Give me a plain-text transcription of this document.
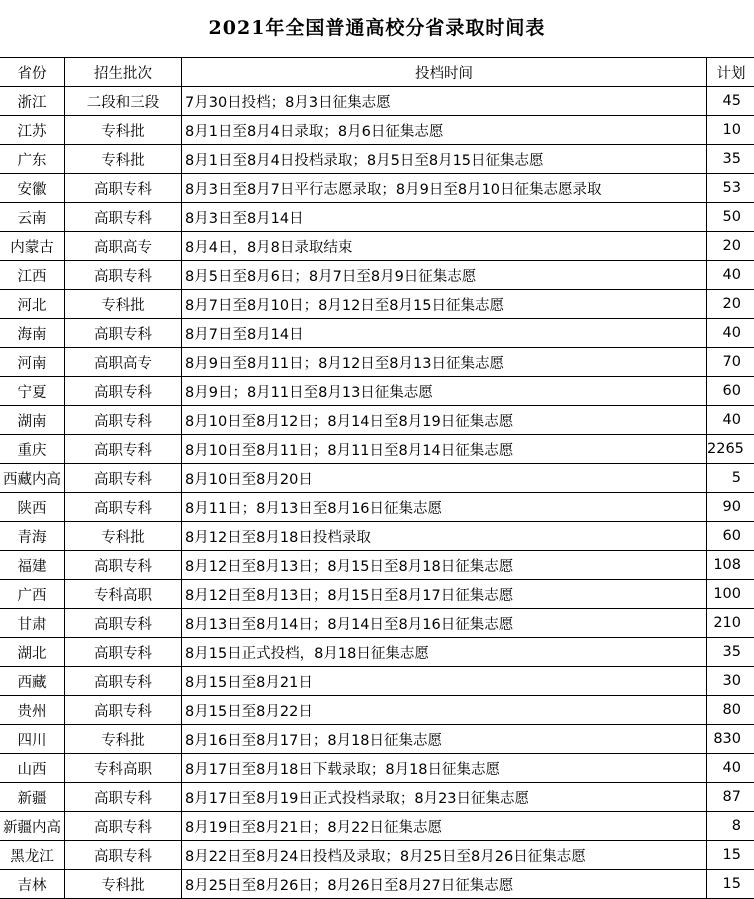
2021年全国普通高校分省录取时间表
省份	招生批次	投档时间	计划
浙江	二段和三段	7月30日投档；8月3日征集志愿	45
江苏	专科批	8月1日至8月4日录取；8月6日征集志愿	10
广东	专科批	8月1日至8月4日投档录取；8月5日至8月15日征集志愿	35
安徽	高职专科	8月3日至8月7日平行志愿录取；8月9日至8月10日征集志愿录取	53
云南	高职专科	8月3日至8月14日	50
内蒙古	高职高专	8月4日，8月8日录取结束	20
江西	高职专科	8月5日至8月6日；8月7日至8月9日征集志愿	40
河北	专科批	8月7日至8月10日；8月12日至8月15日征集志愿	20
海南	高职专科	8月7日至8月14日	40
河南	高职高专	8月9日至8月11日；8月12日至8月13日征集志愿	70
宁夏	高职专科	8月9日；8月11日至8月13日征集志愿	60
湖南	高职专科	8月10日至8月12日；8月14日至8月19日征集志愿	40
重庆	高职专科	8月10日至8月11日；8月11日至8月14日征集志愿	2265
西藏内高	高职专科	8月10日至8月20日	5
陕西	高职专科	8月11日；8月13日至8月16日征集志愿	90
青海	专科批	8月12日至8月18日投档录取	60
福建	高职专科	8月12日至8月13日；8月15日至8月18日征集志愿	108
广西	专科高职	8月12日至8月13日；8月15日至8月17日征集志愿	100
甘肃	高职专科	8月13日至8月14日；8月14日至8月16日征集志愿	210
湖北	高职专科	8月15日正式投档，8月18日征集志愿	35
西藏	高职专科	8月15日至8月21日	30
贵州	高职专科	8月15日至8月22日	80
四川	专科批	8月16日至8月17日；8月18日征集志愿	830
山西	专科高职	8月17日至8月18日下载录取；8月18日征集志愿	40
新疆	高职专科	8月17日至8月19日正式投档录取；8月23日征集志愿	87
新疆内高	高职专科	8月19日至8月21日；8月22日征集志愿	8
黑龙江	高职专科	8月22日至8月24日投档及录取；8月25日至8月26日征集志愿	15
吉林	专科批	8月25日至8月26日；8月26日至8月27日征集志愿	15
